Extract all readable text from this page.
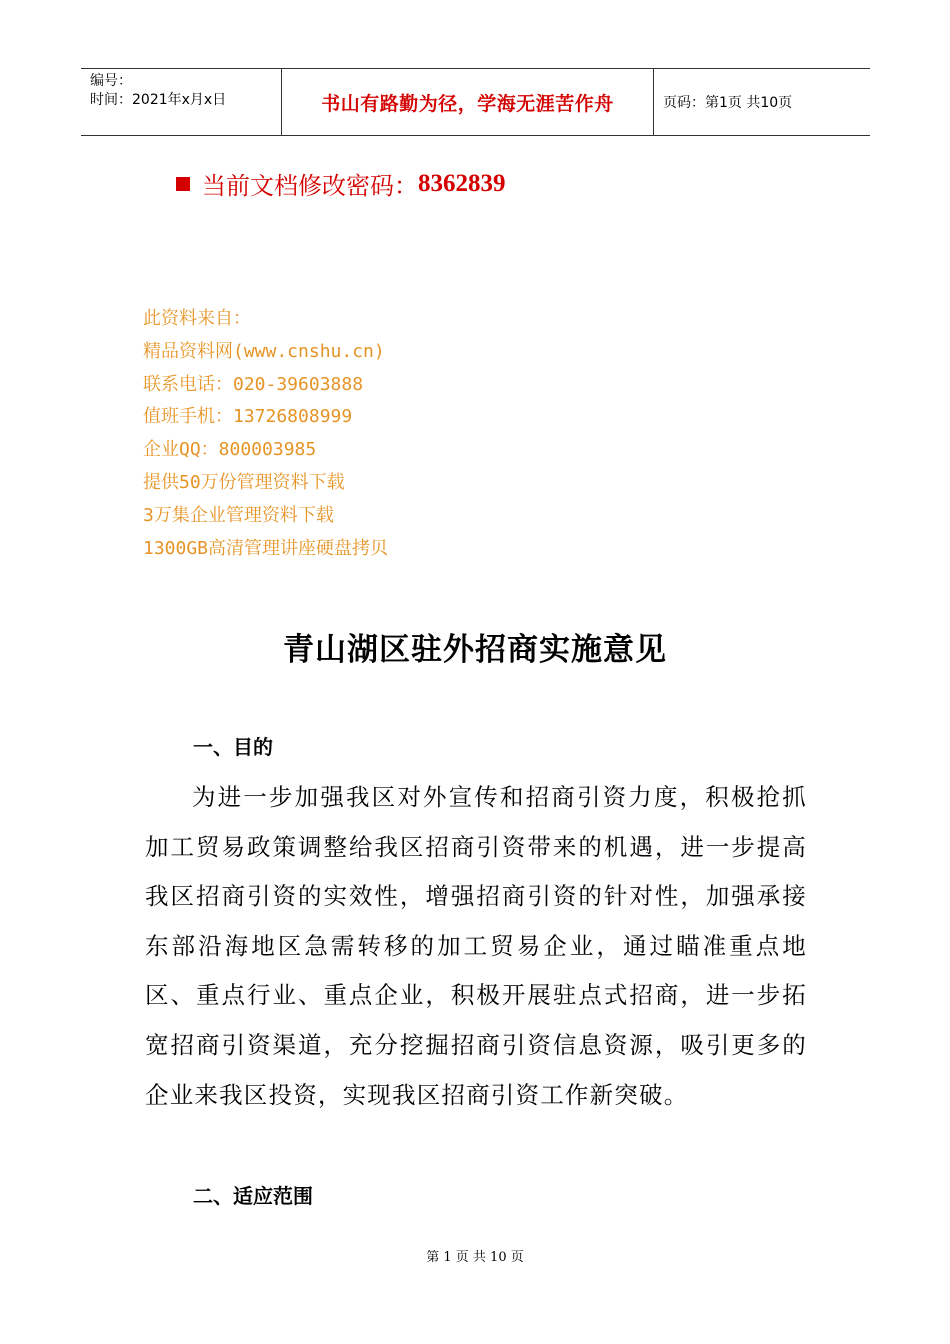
编号：
时间：2021年x月x日	书山有路勤为径，学海无涯苦作舟	页码：第1页 共10页
当前文档修改密码： 8362839
此资料来自：
精品资料网(www.cnshu.cn)
联系电话：020-39603888
值班手机：13726808999
企业QQ：800003985
提供50万份管理资料下载
3万集企业管理资料下载
1300GB高清管理讲座硬盘拷贝
青山湖区驻外招商实施意见
一、目的
为进一步加强我区对外宣传和招商引资力度，积极抢抓加工贸易政策调整给我区招商引资带来的机遇，进一步提高我区招商引资的实效性，增强招商引资的针对性，加强承接东部沿海地区急需转移的加工贸易企业，通过瞄准重点地区、重点行业、重点企业，积极开展驻点式招商，进一步拓宽招商引资渠道，充分挖掘招商引资信息资源，吸引更多的企业来我区投资，实现我区招商引资工作新突破。
二、适应范围
第 1 页 共 10 页
